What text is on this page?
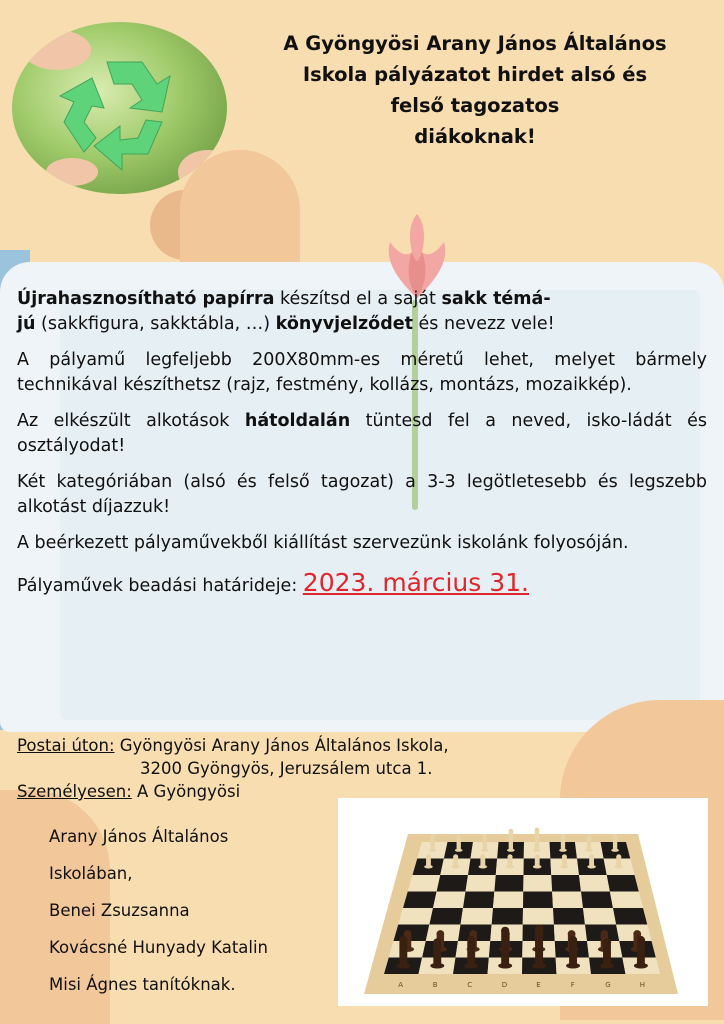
A Gyöngyösi Arany János Általános
Iskola pályázatot hirdet alsó és
felső tagozatos
diákoknak!

Újrahasznosítható papírra készítsd el a saját sakk témá-
jú (sakkfigura, sakktábla, …) könyvjelződet és nevezz vele!

A pályamű legfeljebb 200X80mm-es méretű lehet, melyet bármely technikával készíthetsz (rajz, festmény, kollázs, montázs, mozaikkép).

Az elkészült alkotások hátoldalán tüntesd fel a neved, isko-ládát és osztályodat!

Két kategóriában (alsó és felső tagozat) a 3-3 legötletesebb és legszebb alkotást díjazzuk!

A beérkezett pályaművekből kiállítást szervezünk iskolánk folyosóján.

Pályaművek beadási határideje: 2023. március 31.

Postai úton: Gyöngyösi Arany János Általános Iskola,
3200 Gyöngyös, Jeruzsálem utca 1.
Személyesen: A Gyöngyösi
Arany János Általános
Iskolában,
Benei Zsuzsanna
Kovácsné Hunyady Katalin
Misi Ágnes tanítóknak.	A	B	C	D	E	F	G	H
